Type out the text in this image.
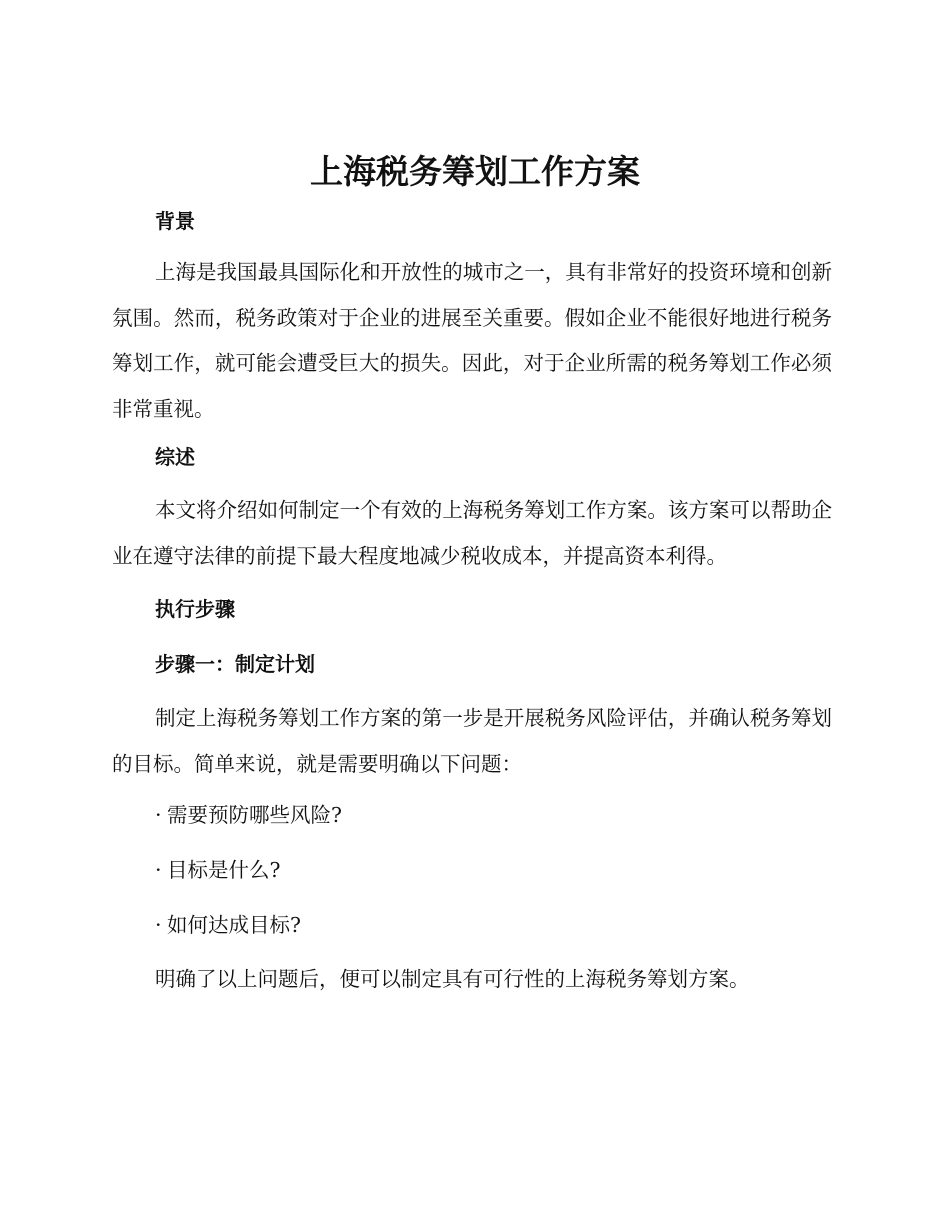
上海税务筹划工作方案
背景
上海是我国最具国际化和开放性的城市之一，具有非常好的投资环境和创新氛围。然而，税务政策对于企业的进展至关重要。假如企业不能很好地进行税务筹划工作，就可能会遭受巨大的损失。因此，对于企业所需的税务筹划工作必须非常重视。
综述
本文将介绍如何制定一个有效的上海税务筹划工作方案。该方案可以帮助企业在遵守法律的前提下最大程度地减少税收成本，并提高资本利得。
执行步骤
步骤一：制定计划
制定上海税务筹划工作方案的第一步是开展税务风险评估，并确认税务筹划的目标。简单来说，就是需要明确以下问题：
· 需要预防哪些风险?
· 目标是什么?
· 如何达成目标?
明确了以上问题后，便可以制定具有可行性的上海税务筹划方案。
